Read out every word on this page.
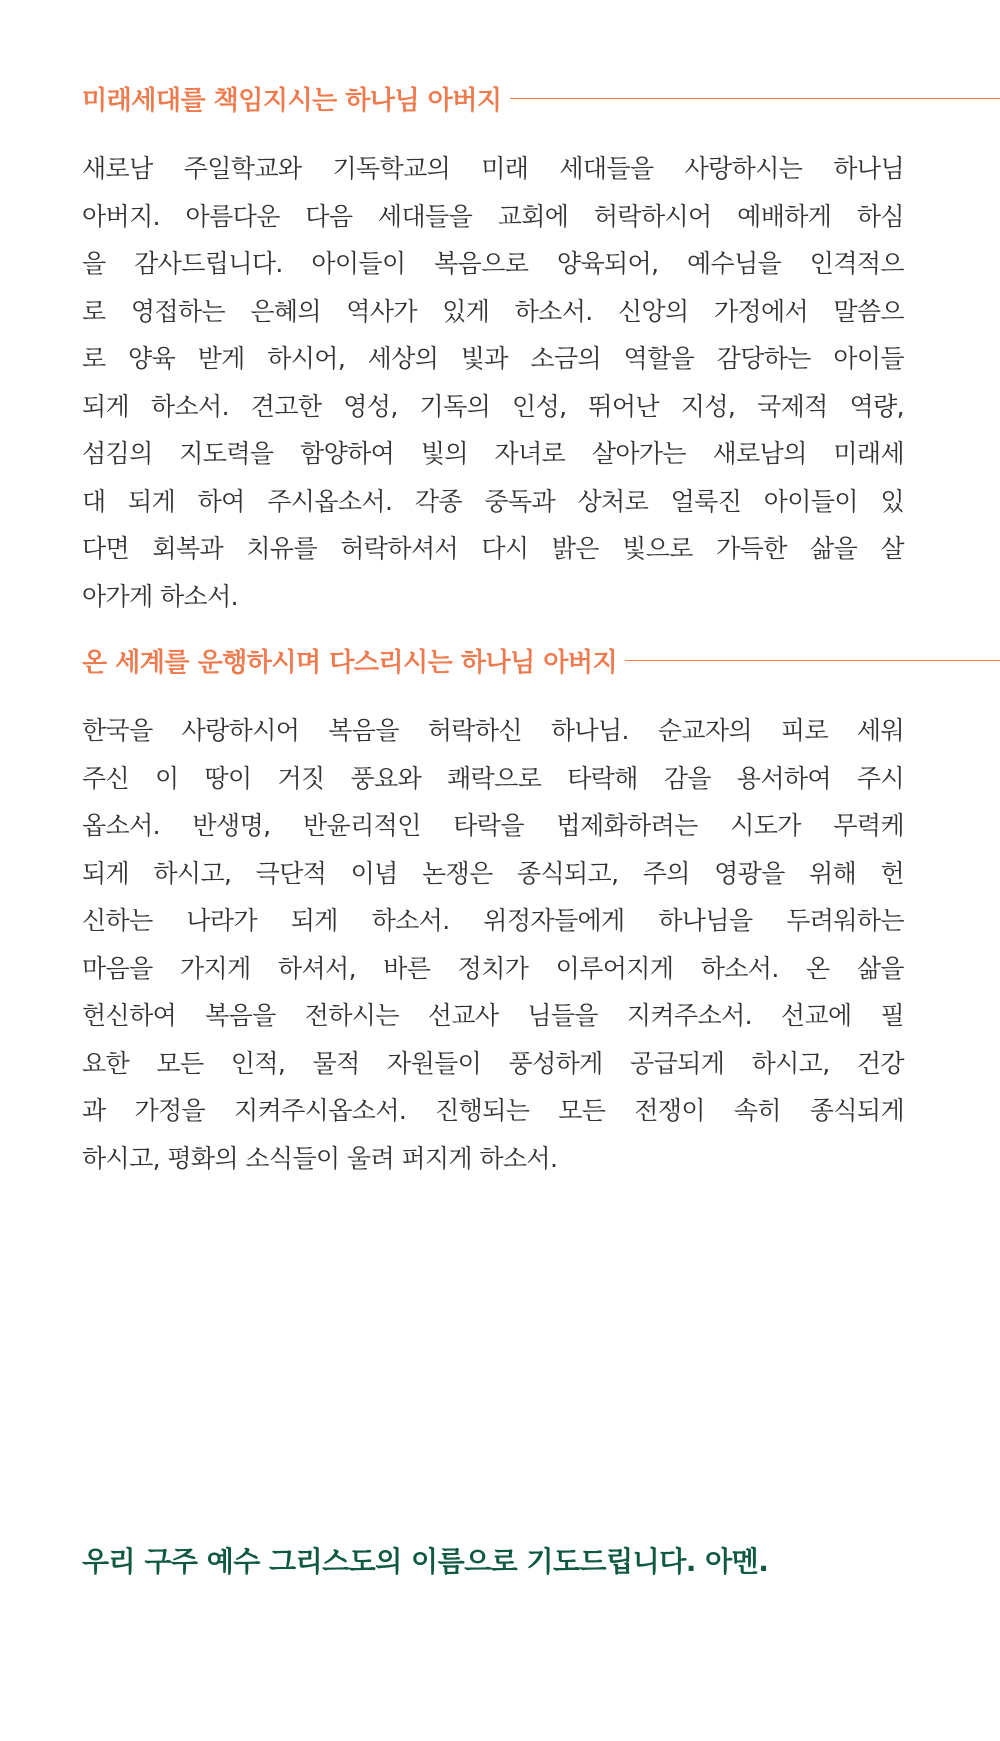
미래세대를 책임지시는 하나님 아버지
새로남 주일학교와 기독학교의 미래 세대들을 사랑하시는 하나님
아버지. 아름다운 다음 세대들을 교회에 허락하시어 예배하게 하심
을 감사드립니다. 아이들이 복음으로 양육되어, 예수님을 인격적으
로 영접하는 은혜의 역사가 있게 하소서. 신앙의 가정에서 말씀으
로 양육 받게 하시어, 세상의 빛과 소금의 역할을 감당하는 아이들
되게 하소서. 견고한 영성, 기독의 인성, 뛰어난 지성, 국제적 역량,
섬김의 지도력을 함양하여 빛의 자녀로 살아가는 새로남의 미래세
대 되게 하여 주시옵소서. 각종 중독과 상처로 얼룩진 아이들이 있
다면 회복과 치유를 허락하셔서 다시 밝은 빛으로 가득한 삶을 살
아가게 하소서.
온 세계를 운행하시며 다스리시는 하나님 아버지
한국을 사랑하시어 복음을 허락하신 하나님. 순교자의 피로 세워
주신 이 땅이 거짓 풍요와 쾌락으로 타락해 감을 용서하여 주시
옵소서. 반생명, 반윤리적인 타락을 법제화하려는 시도가 무력케
되게 하시고, 극단적 이념 논쟁은 종식되고, 주의 영광을 위해 헌
신하는 나라가 되게 하소서. 위정자들에게 하나님을 두려워하는
마음을 가지게 하셔서, 바른 정치가 이루어지게 하소서. 온 삶을
헌신하여 복음을 전하시는 선교사 님들을 지켜주소서. 선교에 필
요한 모든 인적, 물적 자원들이 풍성하게 공급되게 하시고, 건강
과 가정을 지켜주시옵소서. 진행되는 모든 전쟁이 속히 종식되게
하시고, 평화의 소식들이 울려 퍼지게 하소서.
우리 구주 예수 그리스도의 이름으로 기도드립니다. 아멘.
